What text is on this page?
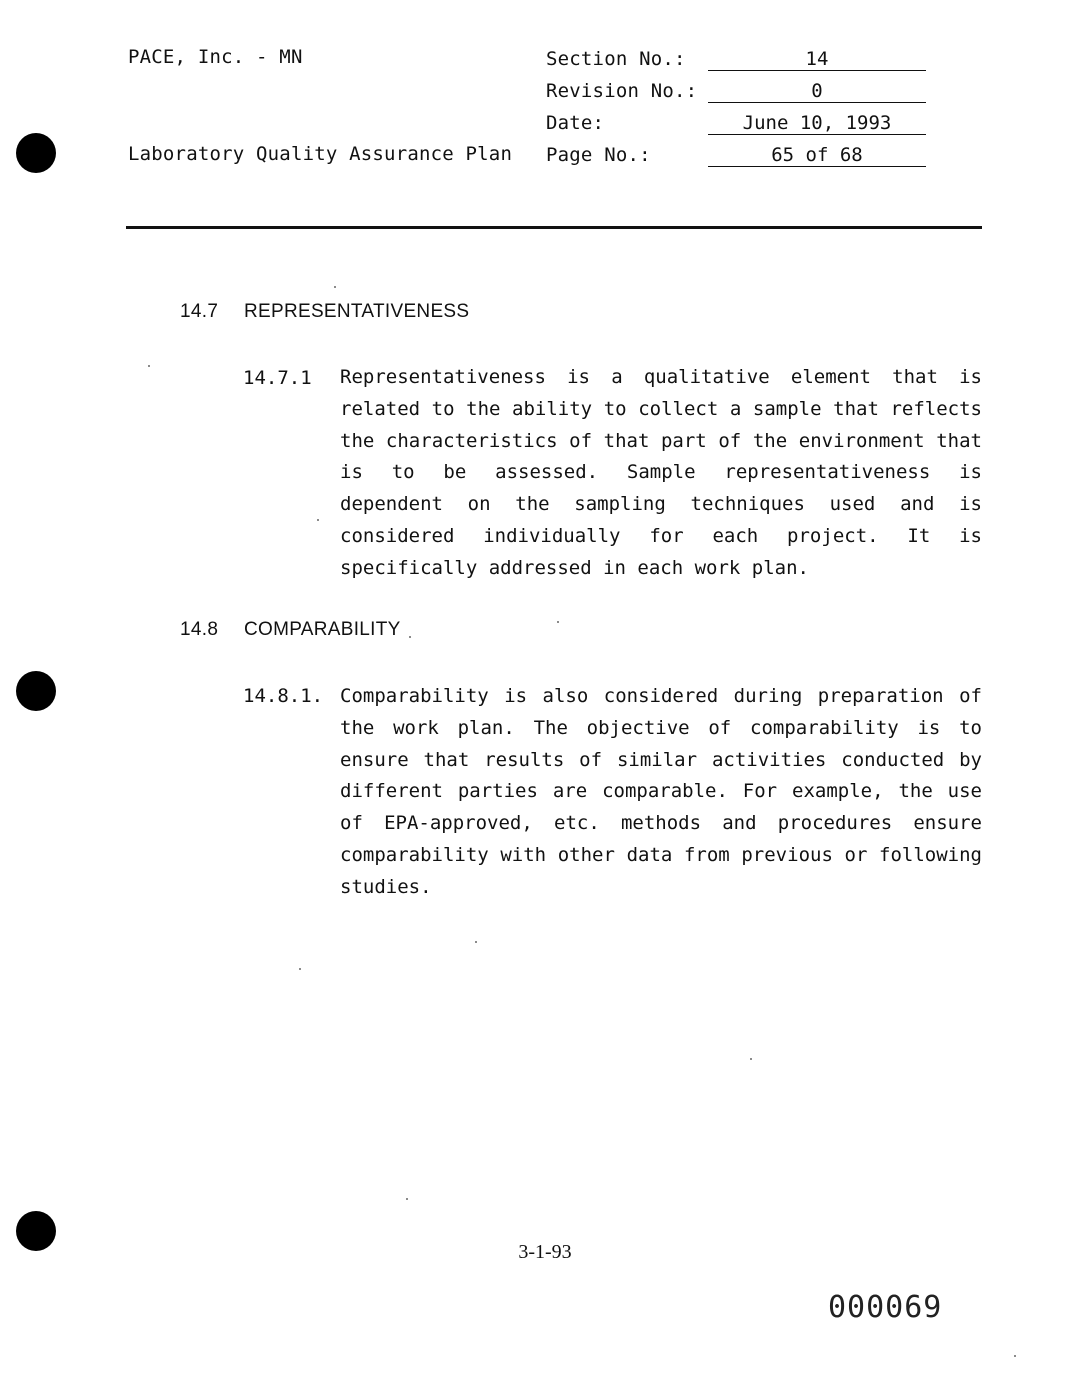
PACE, Inc. - MN
Laboratory Quality Assurance Plan
Section No.:	14
Revision No.:	0
Date:	June 10, 1993
Page No.:	65 of 68
14.7 REPRESENTATIVENESS
14.7.1 Representativeness is a qualitative element that is related to the ability to collect a sample that reflects the characteristics of that part of the environment that is to be assessed. Sample representativeness is dependent on the sampling techniques used and is considered individually for each project. It is specifically addressed in each work plan.
14.8 COMPARABILITY
14.8.1. Comparability is also considered during preparation of the work plan. The objective of comparability is to ensure that results of similar activities conducted by different parties are comparable. For example, the use of EPA-approved, etc. methods and procedures ensure comparability with other data from previous or following studies.
3-1-93
000069
